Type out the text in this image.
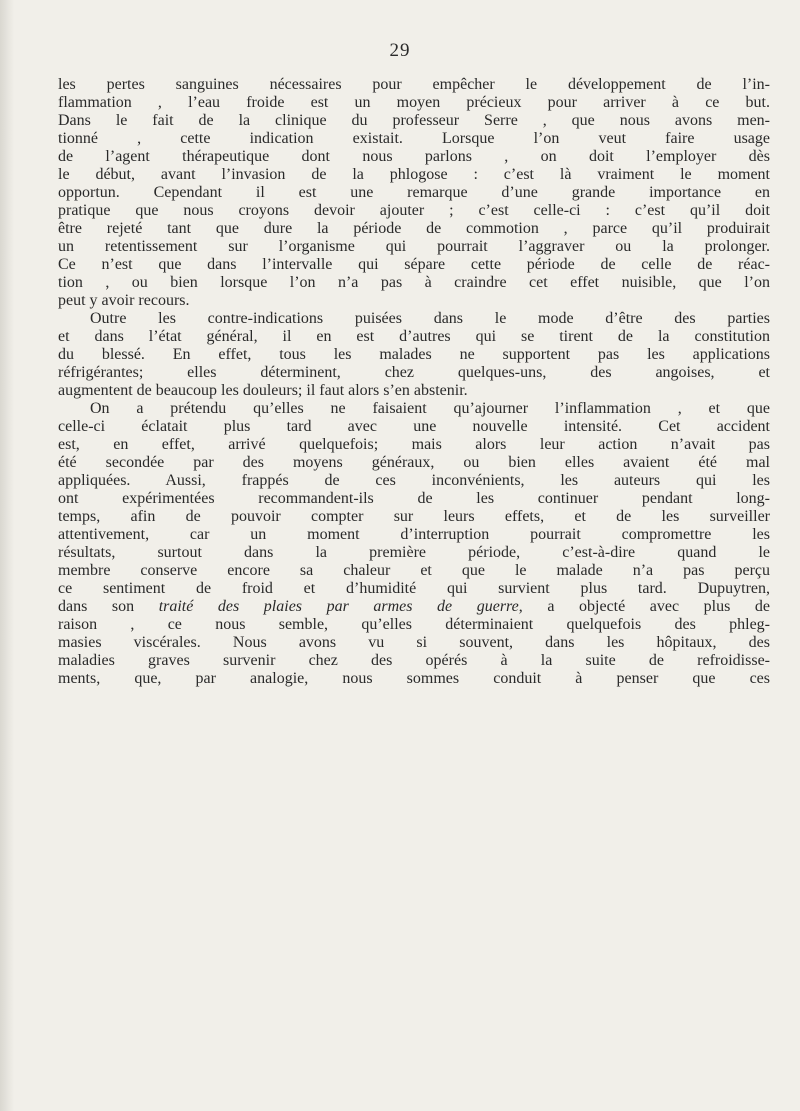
29
les pertes sanguines nécessaires pour empêcher le développement de l’in-
flammation , l’eau froide est un moyen précieux pour arriver à ce but.
Dans le fait de la clinique du professeur Serre , que nous avons men-
tionné , cette indication existait. Lorsque l’on veut faire usage
de l’agent thérapeutique dont nous parlons , on doit l’employer dès
le début, avant l’invasion de la phlogose : c’est là vraiment le moment
opportun. Cependant il est une remarque d’une grande importance en
pratique que nous croyons devoir ajouter ; c’est celle-ci : c’est qu’il doit
être rejeté tant que dure la période de commotion , parce qu’il produirait
un retentissement sur l’organisme qui pourrait l’aggraver ou la prolonger.
Ce n’est que dans l’intervalle qui sépare cette période de celle de réac-
tion , ou bien lorsque l’on n’a pas à craindre cet effet nuisible, que l’on
peut y avoir recours.
Outre les contre-indications puisées dans le mode d’être des parties
et dans l’état général, il en est d’autres qui se tirent de la constitution
du blessé. En effet, tous les malades ne supportent pas les applications
réfrigérantes; elles déterminent, chez quelques-uns, des angoises, et
augmentent de beaucoup les douleurs; il faut alors s’en abstenir.
On a prétendu qu’elles ne faisaient qu’ajourner l’inflammation , et que
celle-ci éclatait plus tard avec une nouvelle intensité. Cet accident
est, en effet, arrivé quelquefois; mais alors leur action n’avait pas
été secondée par des moyens généraux, ou bien elles avaient été mal
appliquées. Aussi, frappés de ces inconvénients, les auteurs qui les
ont expérimentées recommandent-ils de les continuer pendant long-
temps, afin de pouvoir compter sur leurs effets, et de les surveiller
attentivement, car un moment d’interruption pourrait compromettre les
résultats, surtout dans la première période, c’est-à-dire quand le
membre conserve encore sa chaleur et que le malade n’a pas perçu
ce sentiment de froid et d’humidité qui survient plus tard. Dupuytren,
dans son traité des plaies par armes de guerre, a objecté avec plus de
raison , ce nous semble, qu’elles déterminaient quelquefois des phleg-
masies viscérales. Nous avons vu si souvent, dans les hôpitaux, des
maladies graves survenir chez des opérés à la suite de refroidisse-
ments, que, par analogie, nous sommes conduit à penser que ces
